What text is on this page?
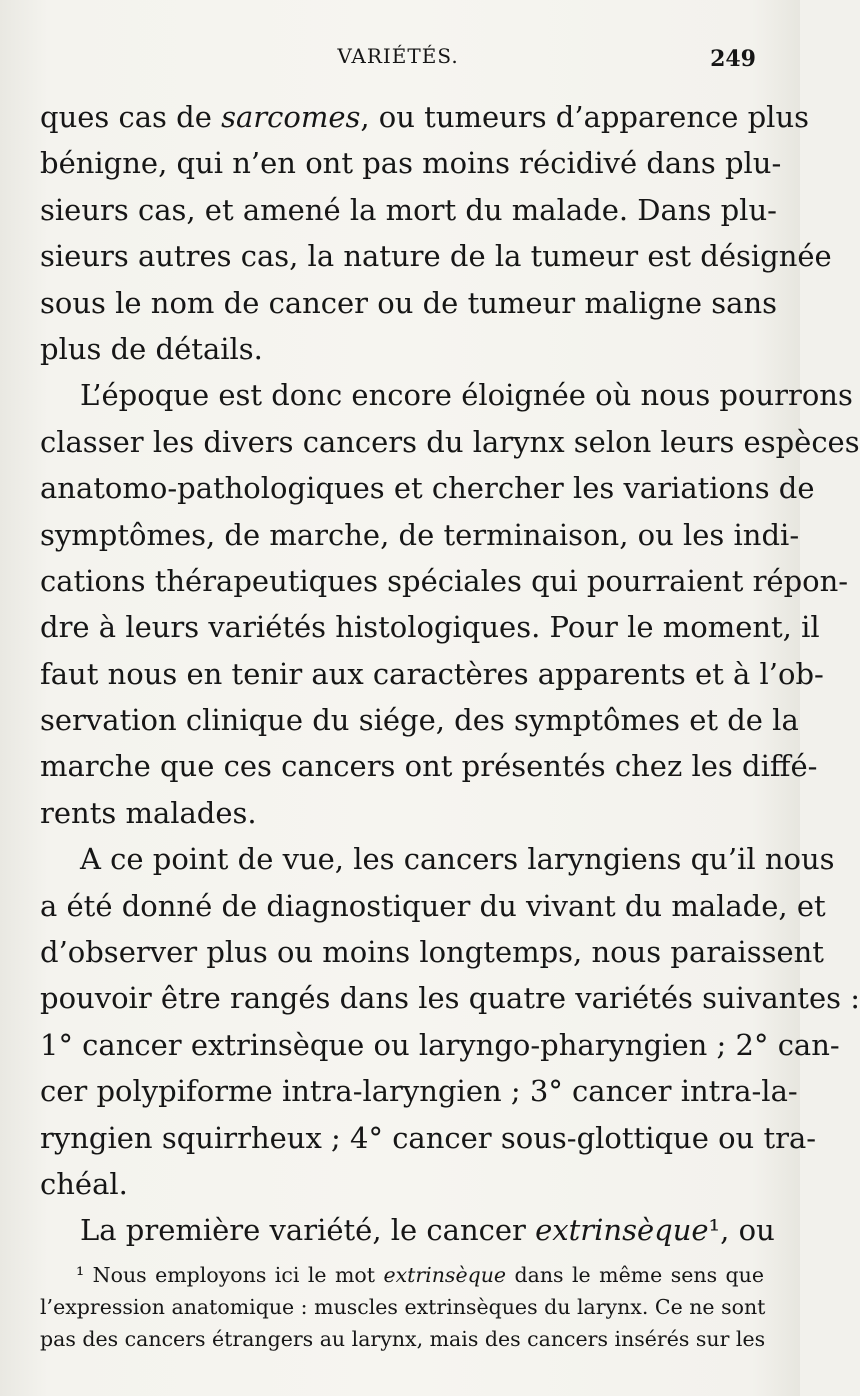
VARIÉTÉS.	249
ques cas de sarcomes, ou tumeurs d’apparence plus
bénigne, qui n’en ont pas moins récidivé dans plu-
sieurs cas, et amené la mort du malade. Dans plu-
sieurs autres cas, la nature de la tumeur est désignée
sous le nom de cancer ou de tumeur maligne sans
plus de détails.
L’époque est donc encore éloignée où nous pourrons
classer les divers cancers du larynx selon leurs espèces
anatomo-pathologiques et chercher les variations de
symptômes, de marche, de terminaison, ou les indi-
cations thérapeutiques spéciales qui pourraient répon-
dre à leurs variétés histologiques. Pour le moment, il
faut nous en tenir aux caractères apparents et à l’ob-
servation clinique du siége, des symptômes et de la
marche que ces cancers ont présentés chez les diffé-
rents malades.
A ce point de vue, les cancers laryngiens qu’il nous
a été donné de diagnostiquer du vivant du malade, et
d’observer plus ou moins longtemps, nous paraissent
pouvoir être rangés dans les quatre variétés suivantes :
1° cancer extrinsèque ou laryngo-pharyngien ; 2° can-
cer polypiforme intra-laryngien ; 3° cancer intra-la-
ryngien squirrheux ; 4° cancer sous-glottique ou tra-
chéal.
La première variété, le cancer extrinsèque¹, ou
¹ Nous employons ici le mot extrinsèque dans le même sens que
l’expression anatomique : muscles extrinsèques du larynx. Ce ne sont
pas des cancers étrangers au larynx, mais des cancers insérés sur les
